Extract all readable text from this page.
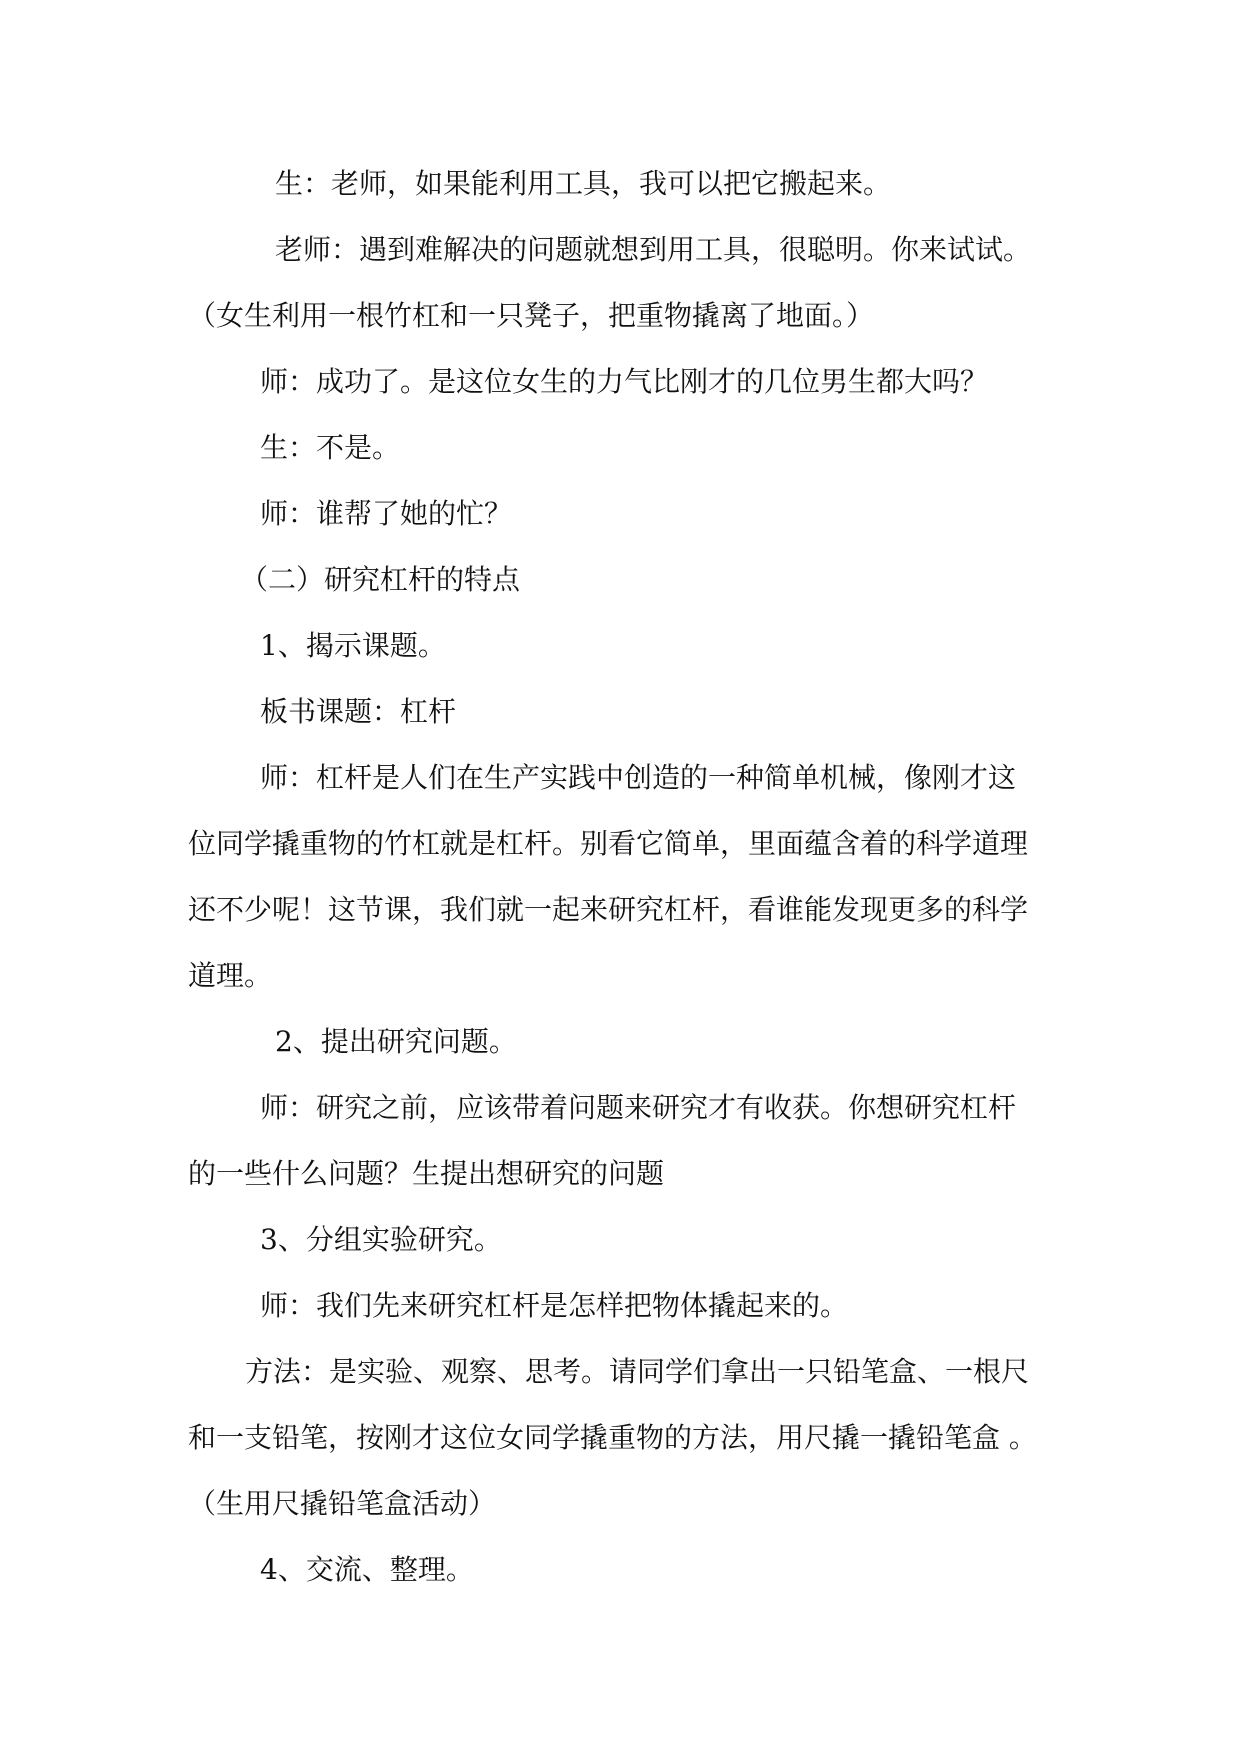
生：老师，如果能利用工具，我可以把它搬起来。

老师：遇到难解决的问题就想到用工具，很聪明。你来试试。

（女生利用一根竹杠和一只凳子，把重物撬离了地面。）

师：成功了。是这位女生的力气比刚才的几位男生都大吗？

生：不是。

师：谁帮了她的忙？

（二）研究杠杆的特点

1、揭示课题。

板书课题：杠杆

师：杠杆是人们在生产实践中创造的一种简单机械，像刚才这

位同学撬重物的竹杠就是杠杆。别看它简单，里面蕴含着的科学道理

还不少呢！这节课，我们就一起来研究杠杆，看谁能发现更多的科学

道理。

2、提出研究问题。

师：研究之前，应该带着问题来研究才有收获。你想研究杠杆

的一些什么问题？生提出想研究的问题

3、分组实验研究。

师：我们先来研究杠杆是怎样把物体撬起来的。

方法：是实验、观察、思考。请同学们拿出一只铅笔盒、一根尺

和一支铅笔，按刚才这位女同学撬重物的方法，用尺撬一撬铅笔盒 。

（生用尺撬铅笔盒活动）

4、交流、整理。
